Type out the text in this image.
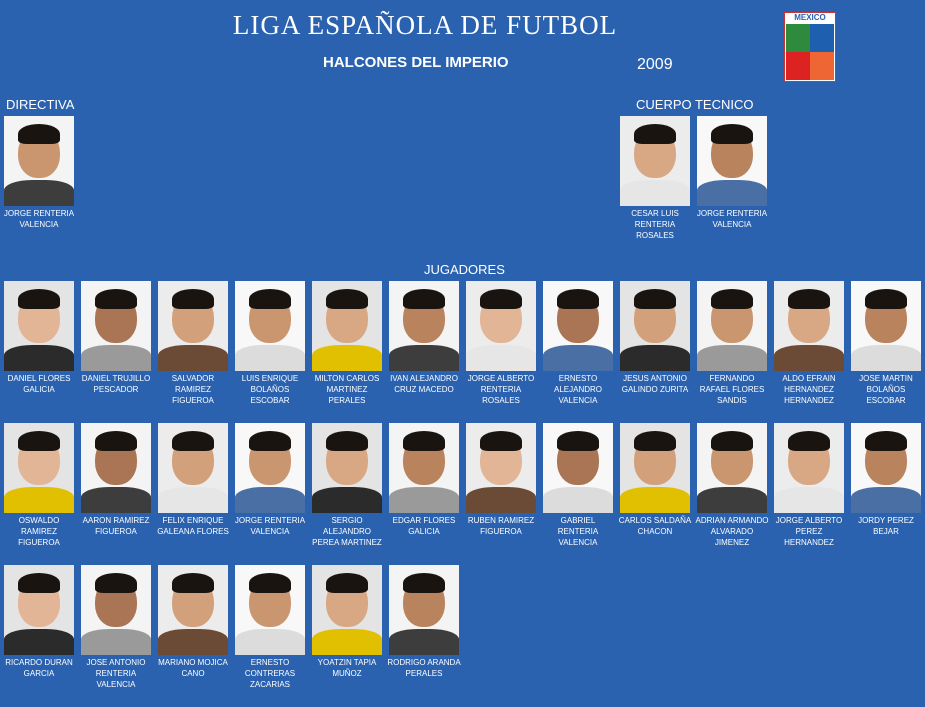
LIGA ESPAÑOLA DE FUTBOL
HALCONES DEL IMPERIO	2009
MEXICO
DIRECTIVA	CUERPO TECNICO
JUGADORES
JORGE RENTERIA VALENCIA
CESAR LUIS RENTERIA ROSALES
JORGE RENTERIA VALENCIA
DANIEL FLORES GALICIA
DANIEL TRUJILLO PESCADOR
SALVADOR RAMIREZ FIGUEROA
LUIS ENRIQUE BOLAÑOS ESCOBAR
MILTON CARLOS MARTINEZ PERALES
IVAN ALEJANDRO CRUZ MACEDO
JORGE ALBERTO RENTERIA ROSALES
ERNESTO ALEJANDRO VALENCIA
JESUS ANTONIO GALINDO ZURITA
FERNANDO RAFAEL FLORES SANDIS
ALDO EFRAIN HERNANDEZ HERNANDEZ
JOSE MARTIN BOLAÑOS ESCOBAR
OSWALDO RAMIREZ FIGUEROA
AARON RAMIREZ FIGUEROA
FELIX ENRIQUE GALEANA FLORES
JORGE RENTERIA VALENCIA
SERGIO ALEJANDRO PEREA MARTINEZ
EDGAR FLORES GALICIA
RUBEN RAMIREZ FIGUEROA
GABRIEL RENTERIA VALENCIA
CARLOS SALDAÑA CHACON
ADRIAN ARMANDO ALVARADO JIMENEZ
JORGE ALBERTO PEREZ HERNANDEZ
JORDY PEREZ BEJAR
RICARDO DURAN GARCIA
JOSE ANTONIO RENTERIA VALENCIA
MARIANO MOJICA CANO
ERNESTO CONTRERAS ZACARIAS
YOATZIN TAPIA MUÑOZ
RODRIGO ARANDA PERALES
